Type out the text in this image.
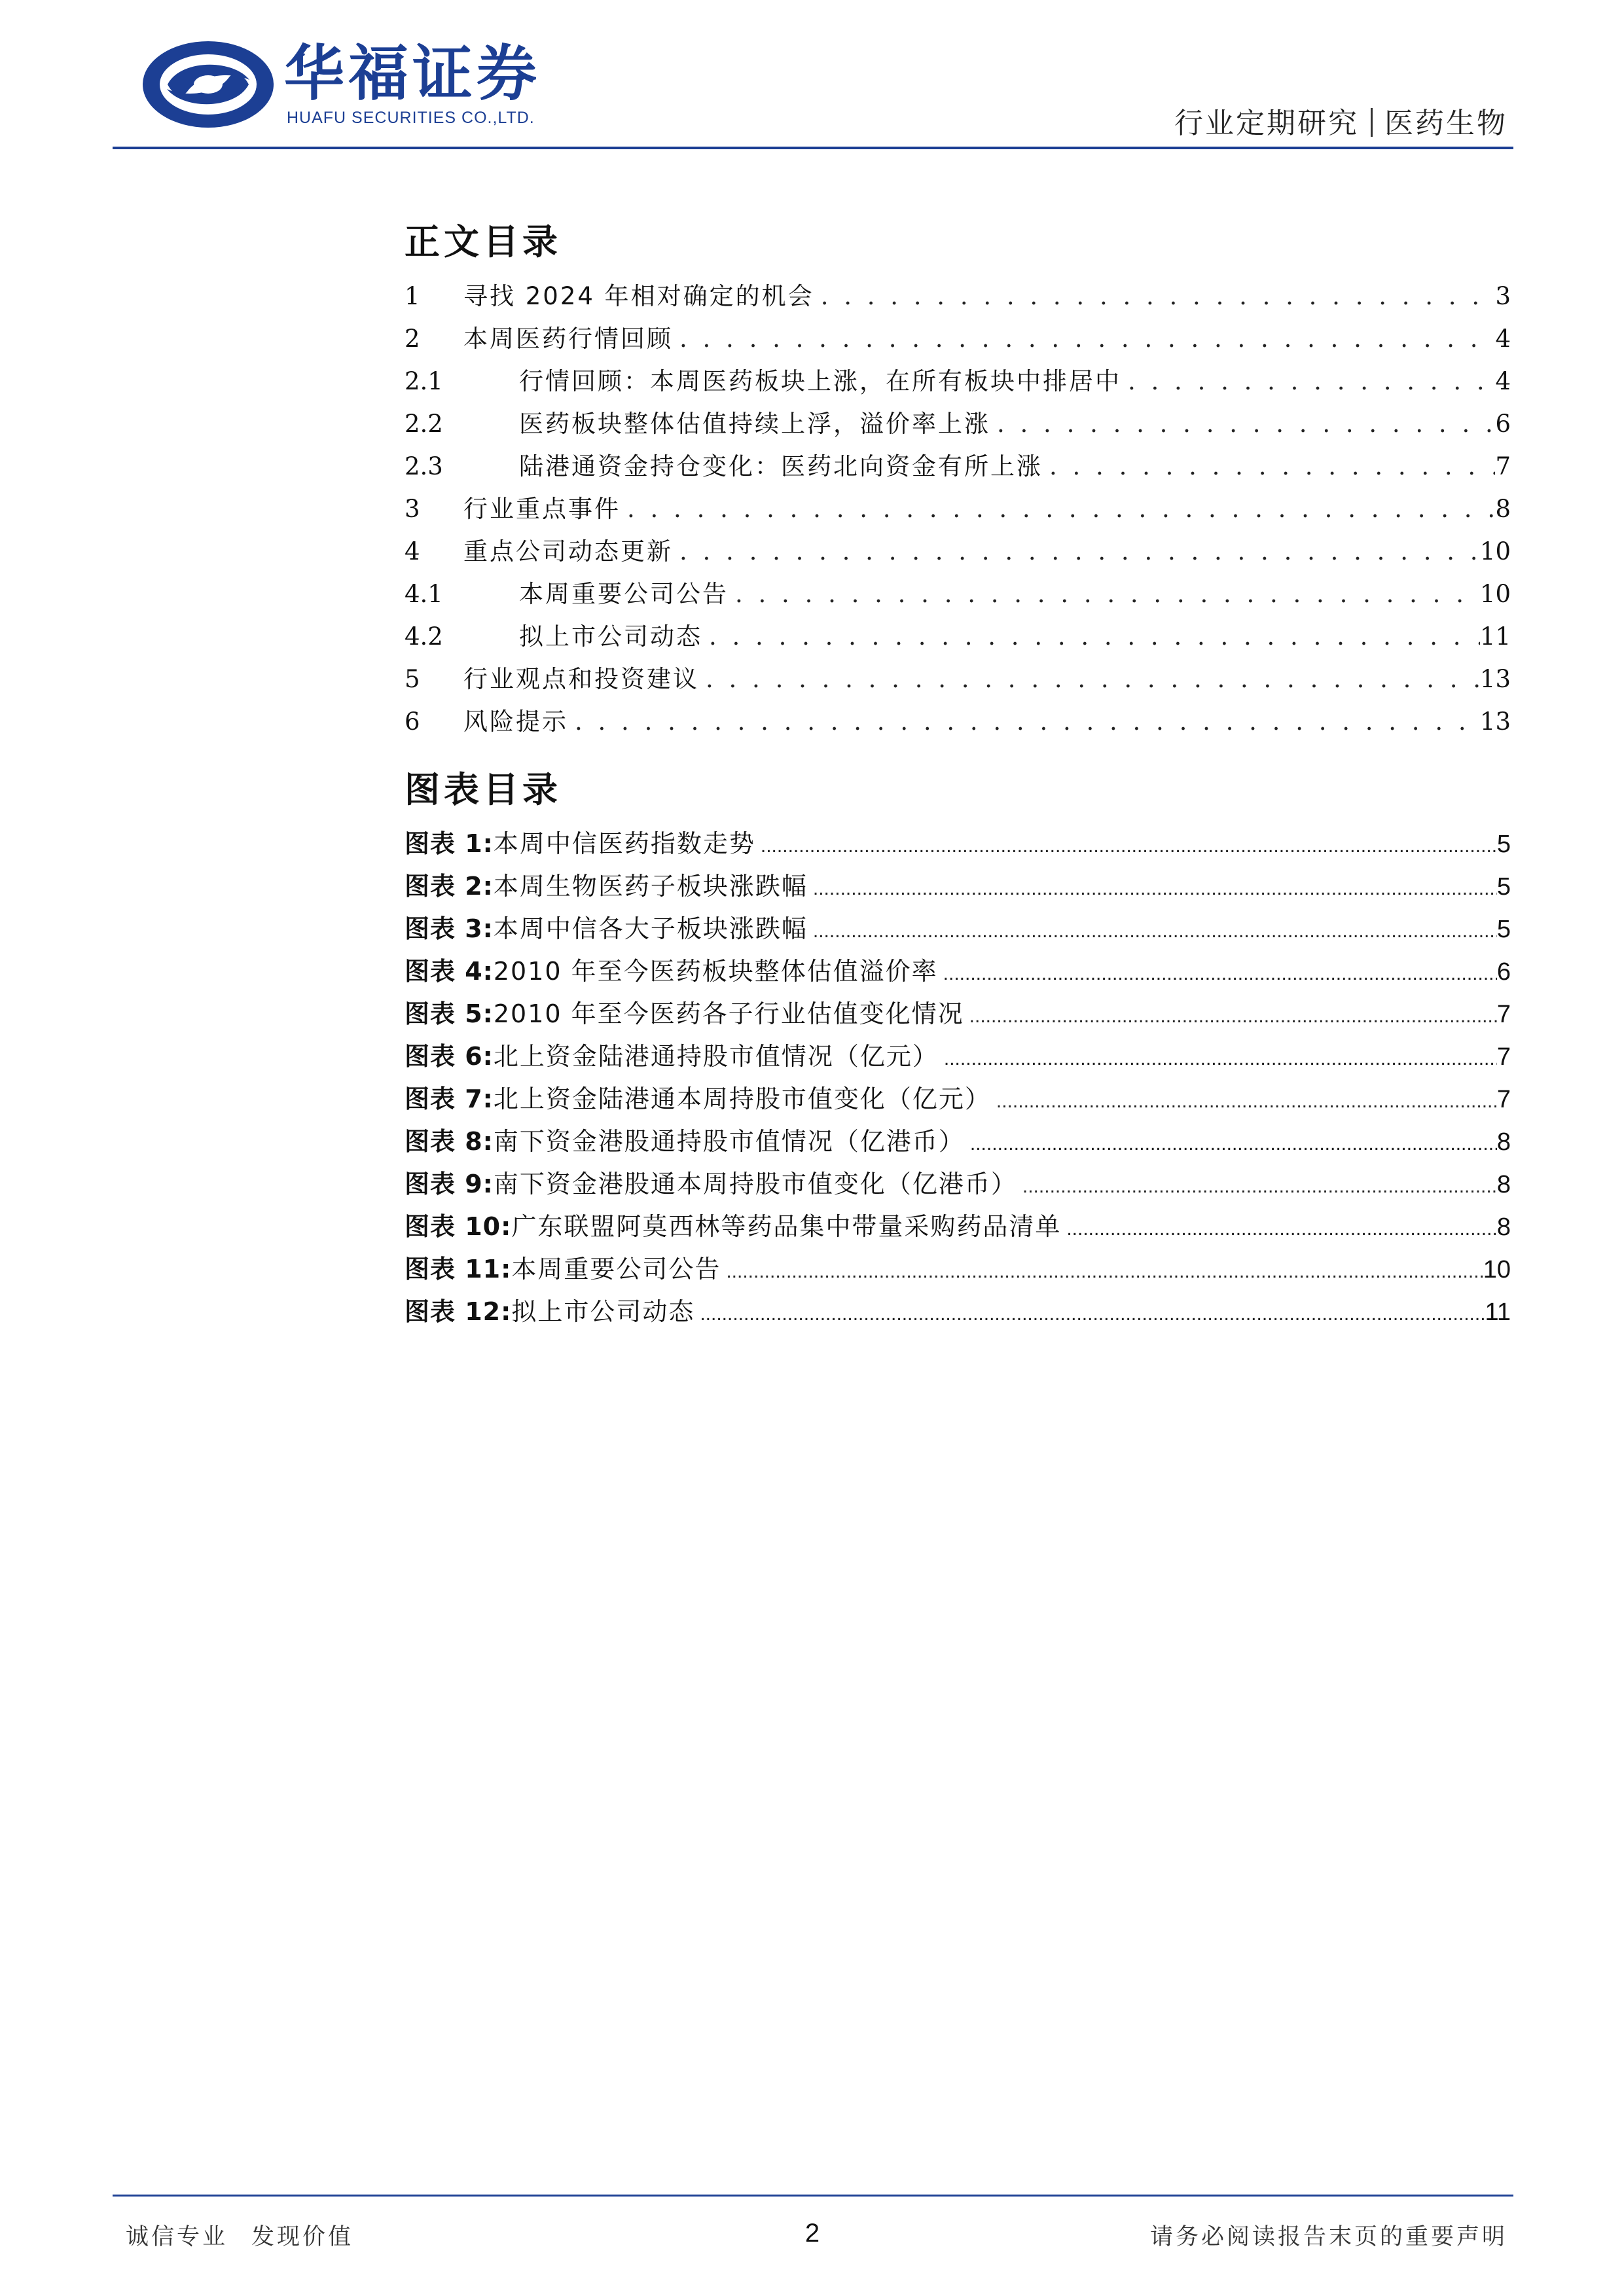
华福证券
HUAFU SECURITIES CO.,LTD.	行业定期研究 医药生物
正文目录
1	寻找 2024 年相对确定的机会 . . .	3
2	本周医药行情回顾 . . .	4
2.1	行情回顾：本周医药板块上涨，在所有板块中排居中 . . .	4
2.2	医药板块整体估值持续上浮，溢价率上涨 . . .	6
2.3	陆港通资金持仓变化：医药北向资金有所上涨 . . .	7
3	行业重点事件 . . .	8
4	重点公司动态更新 . . .	10
4.1	本周重要公司公告 . . .	10
4.2	拟上市公司动态 . . .	11
5	行业观点和投资建议 . . .	13
6	风险提示 . . .	13
图表目录
图表 1:本周中信医药指数走势 .....	5
图表 2:本周生物医药子板块涨跌幅 .....	5
图表 3:本周中信各大子板块涨跌幅 .....	5
图表 4:2010 年至今医药板块整体估值溢价率 .....	6
图表 5:2010 年至今医药各子行业估值变化情况 .....	7
图表 6:北上资金陆港通持股市值情况（亿元） .....	7
图表 7:北上资金陆港通本周持股市值变化（亿元） .....	7
图表 8:南下资金港股通持股市值情况（亿港币） .....	8
图表 9:南下资金港股通本周持股市值变化（亿港币） .....	8
图表 10:广东联盟阿莫西林等药品集中带量采购药品清单 .....	8
图表 11:本周重要公司公告 .....	10
图表 12:拟上市公司动态 .....	11
诚信专业 发现价值	2	请务必阅读报告末页的重要声明
